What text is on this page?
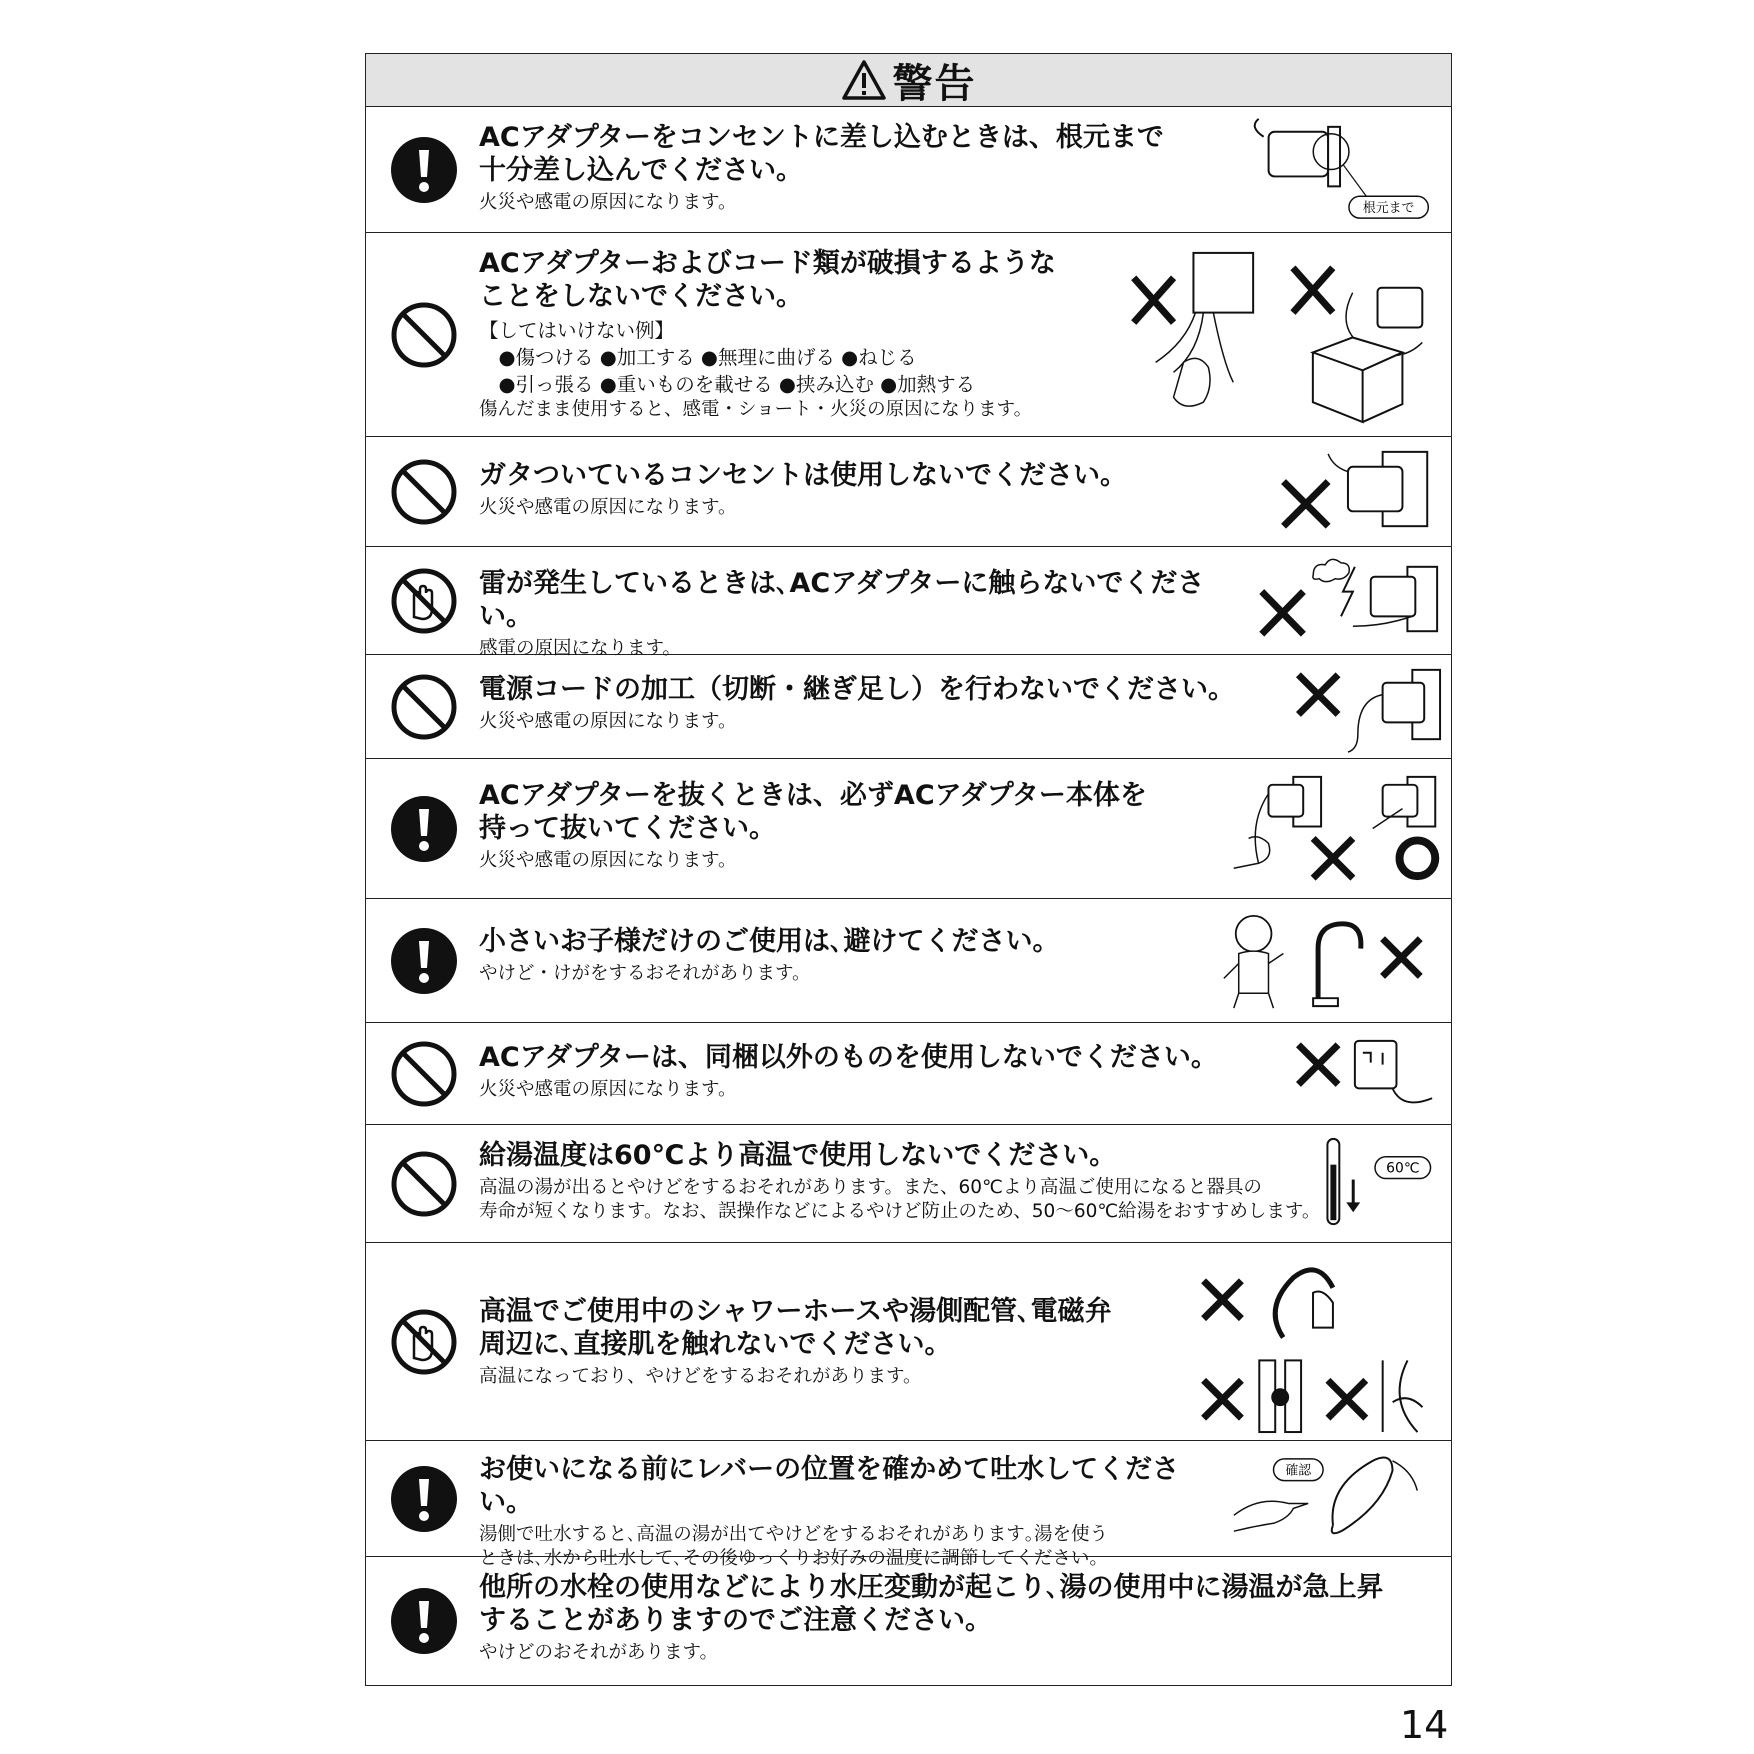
警告
ACアダプターをコンセントに差し込むときは、根元まで
十分差し込んでください。
火災や感電の原因になります。	根元まで
ACアダプターおよびコード類が破損するような
ことをしないでください。
【してはいけない例】
　●傷つける ●加工する ●無理に曲げる ●ねじる
　●引っ張る ●重いものを載せる ●挟み込む ●加熱する
傷んだまま使用すると、感電・ショート・火災の原因になります。
ガタついているコンセントは使用しないでください。
火災や感電の原因になります。
雷が発生しているときは､ACアダプターに触らないでください。
感電の原因になります。
電源コードの加工（切断・継ぎ足し）を行わないでください。
火災や感電の原因になります。
ACアダプターを抜くときは、必ずACアダプター本体を
持って抜いてください。
火災や感電の原因になります。
小さいお子様だけのご使用は､避けてください。
やけど・けがをするおそれがあります。
ACアダプターは、同梱以外のものを使用しないでください。
火災や感電の原因になります。
給湯温度は60℃より高温で使用しないでください。
高温の湯が出るとやけどをするおそれがあります。また、60℃より高温ご使用になると器具の
寿命が短くなります。なお、誤操作などによるやけど防止のため、50～60℃給湯をおすすめします。
60℃
高温でご使用中のシャワーホースや湯側配管､電磁弁
周辺に､直接肌を触れないでください。
高温になっており、やけどをするおそれがあります。
お使いになる前にレバーの位置を確かめて吐水してください。
湯側で吐水すると､高温の湯が出てやけどをするおそれがあります｡湯を使う
ときは､水から吐水して､その後ゆっくりお好みの温度に調節してください。
確認
他所の水栓の使用などにより水圧変動が起こり､湯の使用中に湯温が急上昇
することがありますのでご注意ください。
やけどのおそれがあります。
14
